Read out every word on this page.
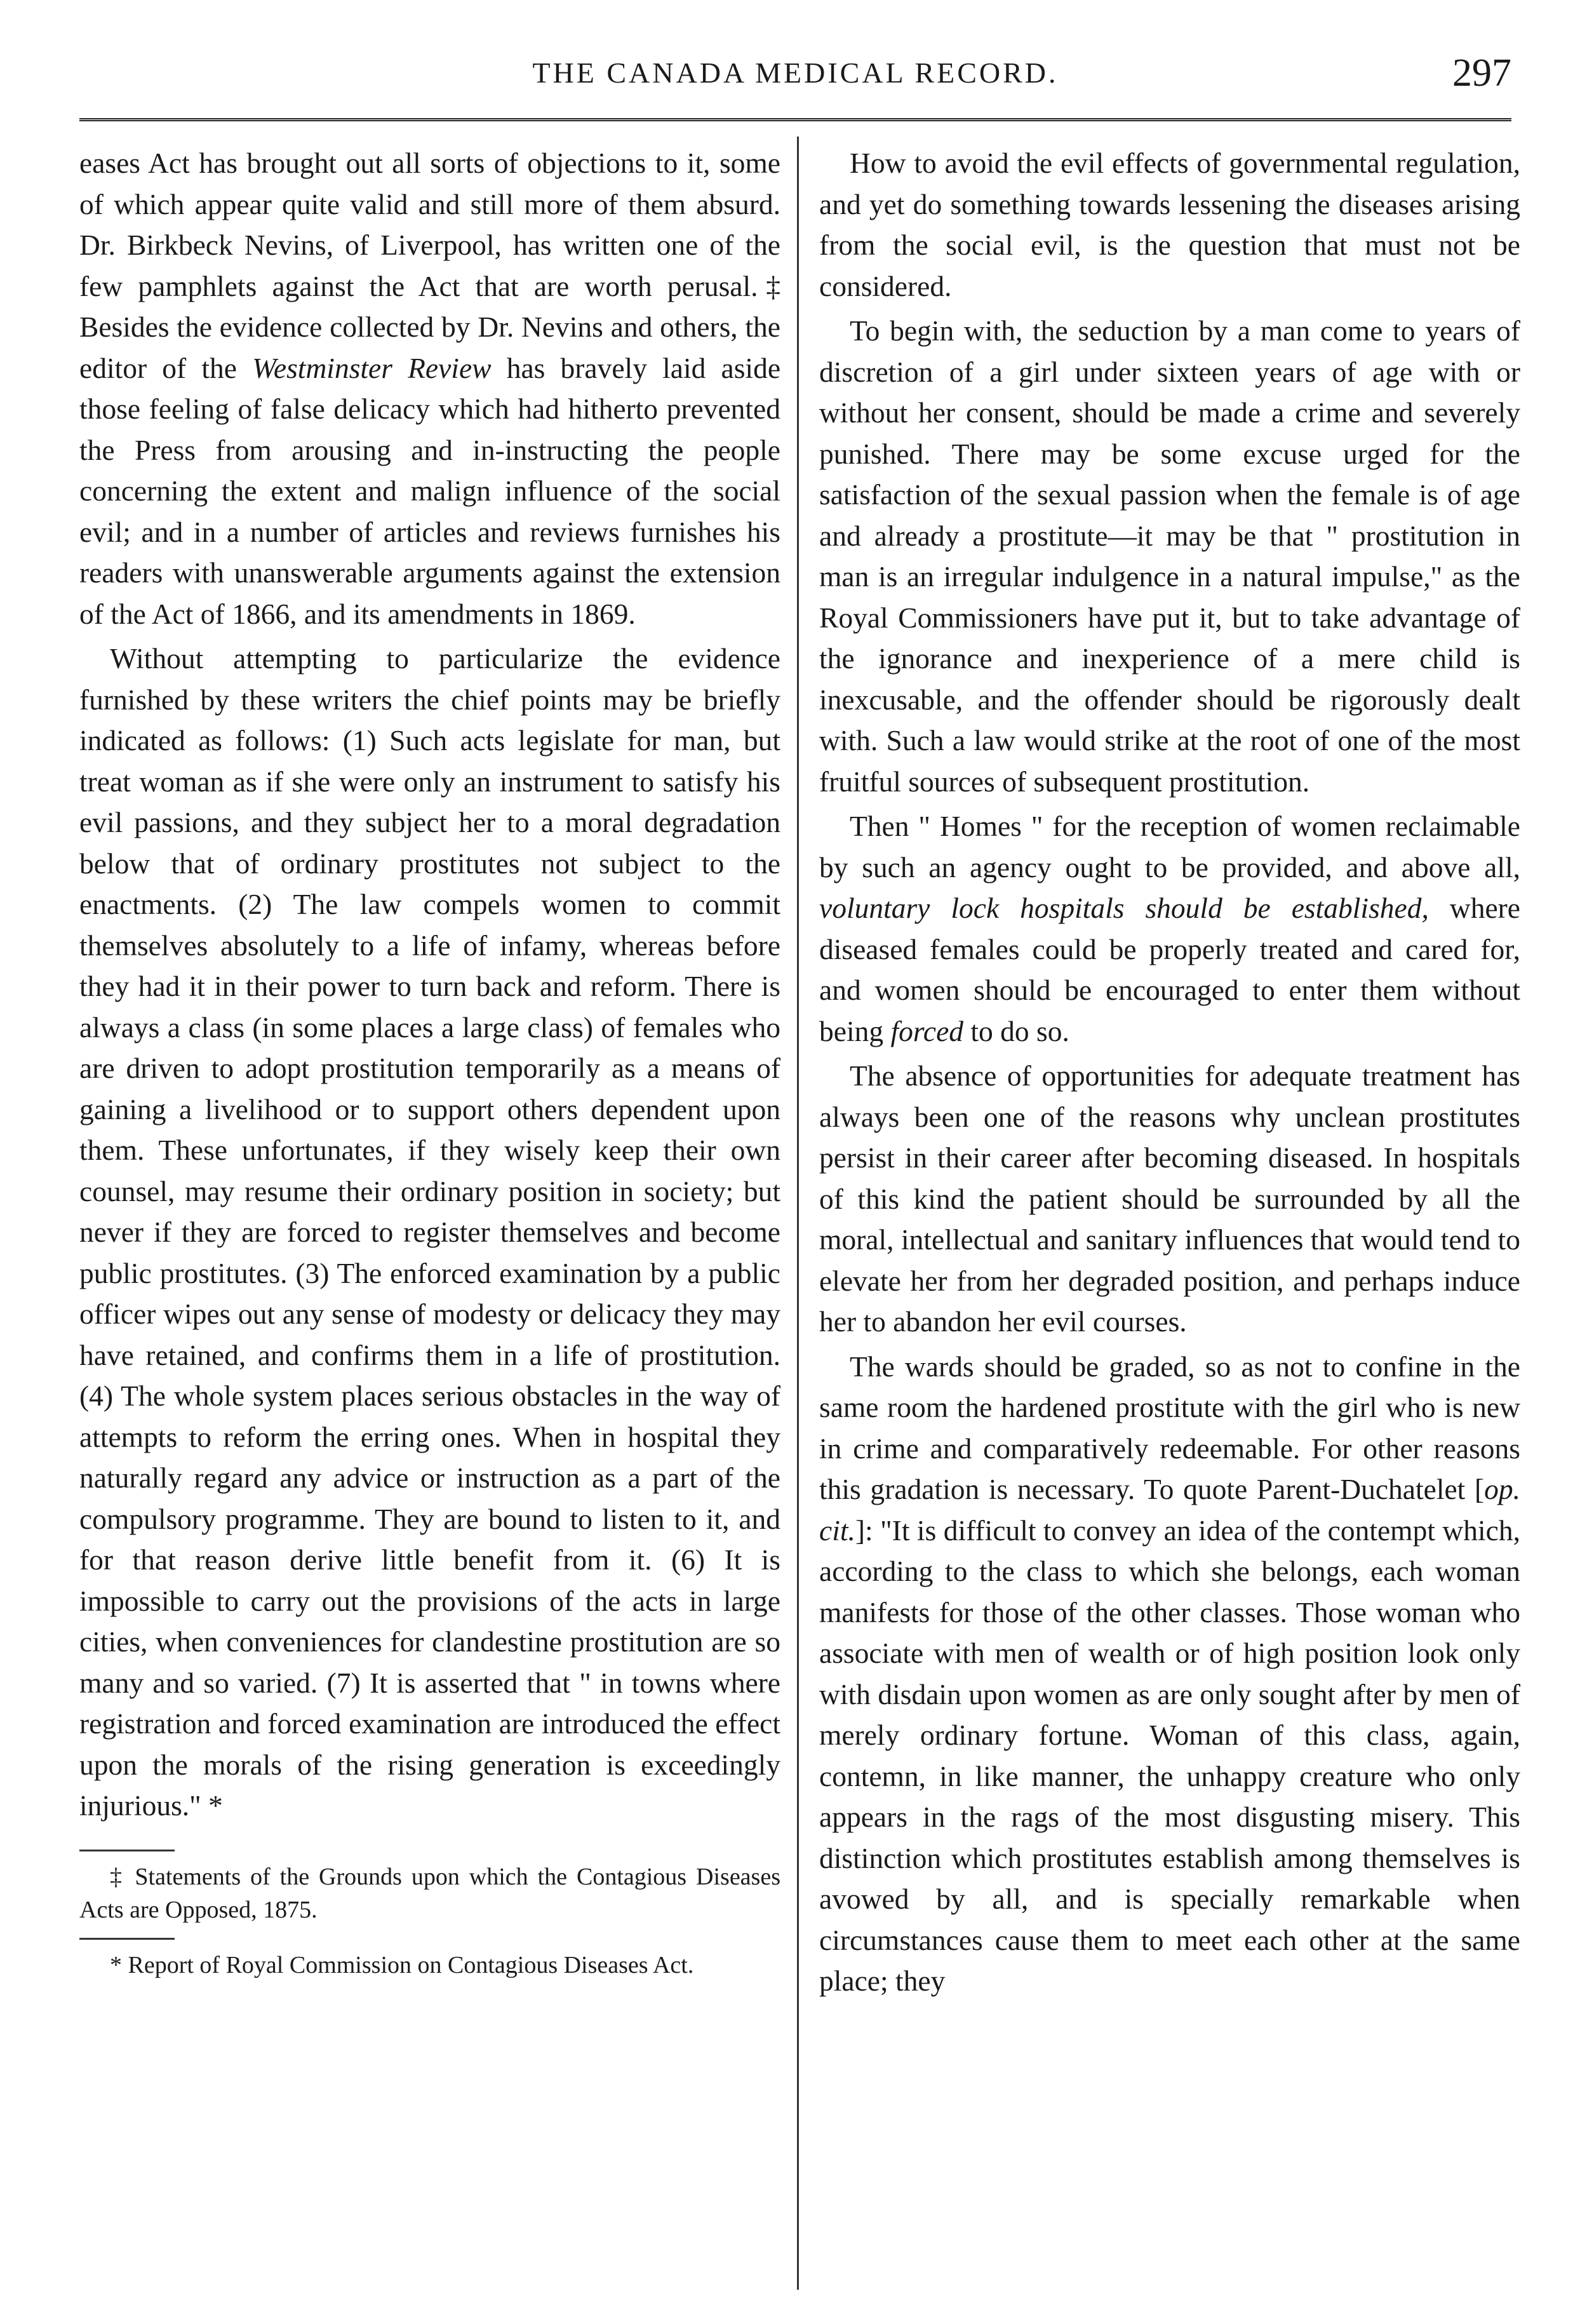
THE CANADA MEDICAL RECORD.	297

eases Act has brought out all sorts of objections to it, some of which appear quite valid and still more of them absurd. Dr. Birkbeck Nevins, of Liverpool, has written one of the few pamphlets against the Act that are worth perusal.‡ Besides the evidence collected by Dr. Nevins and others, the editor of the Westminster Review has bravely laid aside those feeling of false delicacy which had hitherto prevented the Press from arousing and in-instructing the people concerning the extent and malign influence of the social evil; and in a number of articles and reviews furnishes his readers with unanswerable arguments against the extension of the Act of 1866, and its amendments in 1869.

Without attempting to particularize the evidence furnished by these writers the chief points may be briefly indicated as follows: (1) Such acts legislate for man, but treat woman as if she were only an instrument to satisfy his evil passions, and they subject her to a moral degradation below that of ordinary prostitutes not subject to the enactments. (2) The law compels women to commit themselves absolutely to a life of infamy, whereas before they had it in their power to turn back and reform. There is always a class (in some places a large class) of females who are driven to adopt prostitution temporarily as a means of gaining a livelihood or to support others dependent upon them. These unfortunates, if they wisely keep their own counsel, may resume their ordinary position in society; but never if they are forced to register themselves and become public prostitutes. (3) The enforced examination by a public officer wipes out any sense of modesty or delicacy they may have retained, and confirms them in a life of prostitution. (4) The whole system places serious obstacles in the way of attempts to reform the erring ones. When in hospital they naturally regard any advice or instruction as a part of the compulsory programme. They are bound to listen to it, and for that reason derive little benefit from it. (6) It is impossible to carry out the provisions of the acts in large cities, when conveniences for clandestine prostitution are so many and so varied. (7) It is asserted that " in towns where registration and forced examination are introduced the effect upon the morals of the rising generation is exceedingly injurious." *

‡ Statements of the Grounds upon which the Contagious Diseases Acts are Opposed, 1875.
* Report of Royal Commission on Contagious Diseases Act.

How to avoid the evil effects of governmental regulation, and yet do something towards lessening the diseases arising from the social evil, is the question that must not be considered.

To begin with, the seduction by a man come to years of discretion of a girl under sixteen years of age with or without her consent, should be made a crime and severely punished. There may be some excuse urged for the satisfaction of the sexual passion when the female is of age and already a prostitute—it may be that " prostitution in man is an irregular indulgence in a natural impulse," as the Royal Commissioners have put it, but to take advantage of the ignorance and inexperience of a mere child is inexcusable, and the offender should be rigorously dealt with. Such a law would strike at the root of one of the most fruitful sources of subsequent prostitution.

Then " Homes " for the reception of women reclaimable by such an agency ought to be provided, and above all, voluntary lock hospitals should be established, where diseased females could be properly treated and cared for, and women should be encouraged to enter them without being forced to do so.

The absence of opportunities for adequate treatment has always been one of the reasons why unclean prostitutes persist in their career after becoming diseased. In hospitals of this kind the patient should be surrounded by all the moral, intellectual and sanitary influences that would tend to elevate her from her degraded position, and perhaps induce her to abandon her evil courses.

The wards should be graded, so as not to confine in the same room the hardened prostitute with the girl who is new in crime and comparatively redeemable. For other reasons this gradation is necessary. To quote Parent-Duchatelet [op. cit.]: "It is difficult to convey an idea of the contempt which, according to the class to which she belongs, each woman manifests for those of the other classes. Those woman who associate with men of wealth or of high position look only with disdain upon women as are only sought after by men of merely ordinary fortune. Woman of this class, again, contemn, in like manner, the unhappy creature who only appears in the rags of the most disgusting misery. This distinction which prostitutes establish among themselves is avowed by all, and is specially remarkable when circumstances cause them to meet each other at the same place; they
